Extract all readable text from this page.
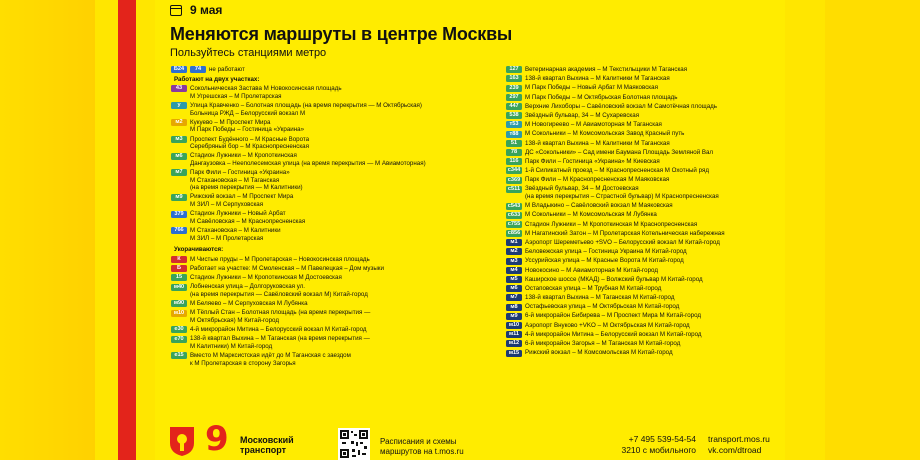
9 мая
Меняются маршруты в центре Москвы
Пользуйтесь станциями метро
Б24	74	не работают
Работают на двух участках:
43	Сокольническая Застава М Новокосинская площадь
М Угрешская – М Пролетарская
у	Улица Кравченко – Болотная площадь (на время перекрытия — М Октябрьская)
Больница РЖД – Белорусский вокзал М
м2	Кукуево – М Проспект Мира
М Парк Победы – Гостиница «Украина»
м3	Проспект Будённого – М Красные Ворота
Серебряный бор – М Краснопресненская
м6	Стадион Лужники – М Кропоткинская
Дангаузовка – Нееполесемская улица (на время перекрытия — М Авиамоторная)
м7	Парк Фили – Гостиница «Украина»
М Стахановская – М Таганская
(на время перекрытия — М Калитники)
м9	Рижский вокзал – М Проспект Мира
М ЗИЛ – М Серпуховская
379	Стадион Лужники – Новый Арбат
М Савёловская – М Краснопресненская
766	М Стахановская – М Калитники
М ЗИЛ – М Пролетарская
Укорачиваются:
К	М Чистые пруды – М Пролетарская – Новокосинская площадь
Б	Работает на участке: М Смоленская – М Павелецкая – Дом музыки
15	Стадион Лужники – М Кропоткинская М Достоевская
м40 Лобненская улица – Долгоруковская ул.
(на время перекрытия — Савёловский вокзал М) Китай-город
м90 М Беляево – М Серпуховская М Лубянка
м10 М Тёплый Стан – Болотная площадь (на время перекрытия —
М Октябрьская) М Китай-город
е30	4-й микрорайон Митина – Белорусский вокзал М Китай-город
е70	138-й квартал Выхина – М Таганская (на время перекрытия —
М Калитники) М Китай-город
е15	Вместо М Марксистская идёт до М Таганская с заездом
к М Пролетарская в сторону Загорья
127	Ветеринарная академия – М Текстильщики М Таганская
163	138-й квартал Выхина – М Калитники М Таганская
239	М Парк Победы – Новый Арбат М Маяковская
297	М Парк Победы – М Октябрьская Болотная площадь
447	Верхние Лихоборы – Савёловский вокзал М Самотёчная площадь
538	Звёздный бульвар, 34 – М Сухаревская
т53	М Новогиреево – М Авиамоторная М Таганская
т88	М Сокольники – М Комсомольская Завод Красный путь
51	138-й квартал Выхина – М Калитники М Таганская
78	ДС «Сокольники» – Сад имени Баумана Площадь Земляной Вал
116	Парк Фили – Гостиница «Украина» М Киевская
с344 1-й Силикатный проезд – М Краснопресненская М Охотный ряд
с369 Парк Фили – М Краснопресненская М Маяковская
с511 Звёздный бульвар, 34 – М Достоевская
(на время перекрытия – Страстной бульвар) М Краснопресненская
с543 М Владыкино – Савёловский вокзал М Маяковская
с633 М Сокольники – М Комсомольская М Лубянка
с755 Стадион Лужники – М Кропоткинская М Краснопресненская
с856 М Нагатинский Затон – М Пролетарская Котельническая набережная
м1	Аэропорт Шереметьево +SVO – Белорусский вокзал М Китай-город
м2	Беловежская улица – Гостиница Украина М Китай-город
м3	Уссурийская улица – М Красные Ворота М Китай-город
м4	Новокосино – М Авиамоторная М Китай-город
м5	Каширское шоссе (МКАД) – Волжский бульвар М Китай-город
м6	Остаповская улица – М Трубная М Китай-город
м7	138-й квартал Выхина – М Таганская М Китай-город
м8	Остафьевская улица – М Октябрьская М Китай-город
м9	6-й микрорайон Бибирева – М Проспект Мира М Китай-город
м10 Аэропорт Внуково +VKO – М Октябрьская М Китай-город
м11 4-й микрорайон Митина – Белорусский вокзал М Китай-город
м12 6-й микрорайон Загорья – М Таганская М Китай-город
м15 Рижский вокзал – М Комсомольская М Китай-город
9 Московский
транспорт
Расписания и схемы
маршрутов на t.mos.ru
+7 495 539-54-54
3210 с мобильного
transport.mos.ru
vk.com/dtroad
